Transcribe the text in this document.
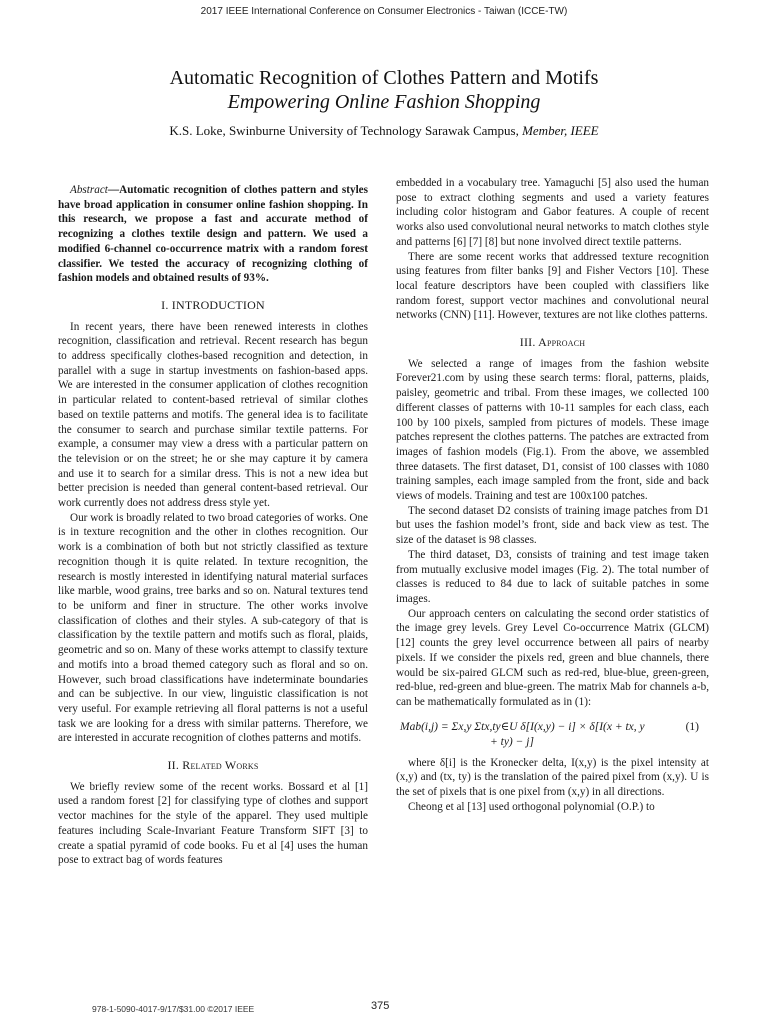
2017 IEEE International Conference on Consumer Electronics - Taiwan (ICCE-TW)
Automatic Recognition of Clothes Pattern and Motifs
Empowering Online Fashion Shopping
K.S. Loke, Swinburne University of Technology Sarawak Campus, Member, IEEE

Abstract—Automatic recognition of clothes pattern and styles have broad application in consumer online fashion shopping. In this research, we propose a fast and accurate method of recognizing a clothes textile design and pattern. We used a modified 6-channel co-occurrence matrix with a random forest classifier. We tested the accuracy of recognizing clothing of fashion models and obtained results of 93%.

I. INTRODUCTION

In recent years, there have been renewed interests in clothes recognition, classification and retrieval. Recent research has begun to address specifically clothes-based recognition and detection, in parallel with a suge in startup investments on fashion-based apps. We are interested in the consumer application of clothes recognition in particular related to content-based retrieval of similar clothes based on textile patterns and motifs. The general idea is to facilitate the consumer to search and purchase similar textile patterns. For example, a consumer may view a dress with a particular pattern on the television or on the street; he or she may capture it by camera and use it to search for a similar dress. This is not a new idea but better precision is needed than general content-based retrieval. Our work currently does not address dress style yet.

Our work is broadly related to two broad categories of works. One is in texture recognition and the other in clothes recognition. Our work is a combination of both but not strictly classified as texture recognition though it is quite related. In texture recognition, the research is mostly interested in identifying natural material surfaces like marble, wood grains, tree barks and so on. Natural textures tend to be uniform and finer in structure. The other works involve classification of clothes and their styles. A sub-category of that is classification by the textile pattern and motifs such as floral, plaids, geometric and so on. Many of these works attempt to classify texture and motifs into a broad themed category such as floral and so on. However, such broad classifications have indeterminate boundaries and can be subjective. In our view, linguistic classification is not very useful. For example retrieving all floral patterns is not a useful task we are looking for a dress with similar patterns. Therefore, we are interested in accurate recognition of clothes patterns and motifs.

II. Related Works

We briefly review some of the recent works. Bossard et al [1] used a random forest [2] for classifying type of clothes and support vector machines for the style of the apparel. They used multiple features including Scale-Invariant Feature Transform SIFT [3] to create a spatial pyramid of code books. Fu et al [4] uses the human pose to extract bag of words features

embedded in a vocabulary tree. Yamaguchi [5] also used the human pose to extract clothing segments and used a variety features including color histogram and Gabor features. A couple of recent works also used convolutional neural networks to match clothes style and patterns [6] [7] [8] but none involved direct textile patterns.

There are some recent works that addressed texture recognition using features from filter banks [9] and Fisher Vectors [10]. These local feature descriptors have been coupled with classifiers like random forest, support vector machines and convolutional neural networks (CNN) [11]. However, textures are not like clothes patterns.

III. Approach

We selected a range of images from the fashion website Forever21.com by using these search terms: floral, patterns, plaids, paisley, geometric and tribal. From these images, we collected 100 different classes of patterns with 10-11 samples for each class, each 100 by 100 pixels, sampled from pictures of models. These image patches represent the clothes patterns. The patches are extracted from images of fashion models (Fig.1). From the above, we assembled three datasets. The first dataset, D1, consist of 100 classes with 1080 training samples, each image sampled from the front, side and back views of models. Training and test are 100x100 patches.

The second dataset D2 consists of training image patches from D1 but uses the fashion model’s front, side and back view as test. The size of the dataset is 98 classes.

The third dataset, D3, consists of training and test image taken from mutually exclusive model images (Fig. 2). The total number of classes is reduced to 84 due to lack of suitable patches in some images.

Our approach centers on calculating the second order statistics of the image grey levels. Grey Level Co-occurrence Matrix (GLCM) [12] counts the grey level occurrence between all pairs of nearby pixels. If we consider the pixels red, green and blue channels, there would be six-paired GLCM such as red-red, blue-blue, green-green, red-blue, red-green and blue-green. The matrix Mab for channels a-b, can be mathematically formulated as in (1):

Mab(i,j) = Σx,y Σtx,ty∈U δ[I(x,y) − i] × δ[I(x + tx, y
+ ty) − j]
(1)

where δ[i] is the Kronecker delta, I(x,y) is the pixel intensity at (x,y) and (tx, ty) is the translation of the paired pixel from (x,y). U is the set of pixels that is one pixel from (x,y) in all directions.

Cheong et al [13] used orthogonal polynomial (O.P.) to

978-1-5090-4017-9/17/$31.00 ©2017 IEEE	375
